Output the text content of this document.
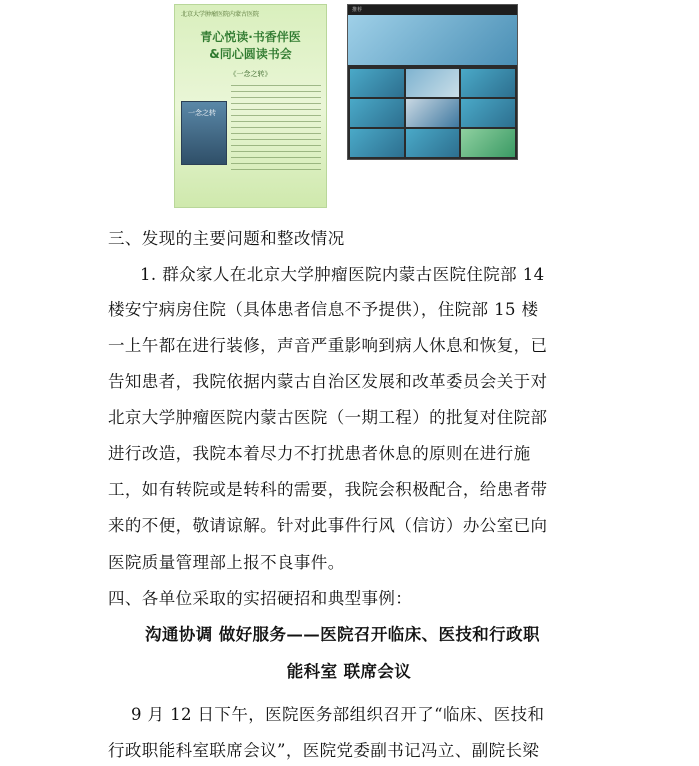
北京大学肿瘤医院内蒙古医院
青心悦读·书香伴医
&同心圆读书会
《一念之转》
一念之转
推荐
三、发现的主要问题和整改情况
1. 群众家人在北京大学肿瘤医院内蒙古医院住院部 14
楼安宁病房住院（具体患者信息不予提供），住院部 15 楼
一上午都在进行装修，声音严重影响到病人休息和恢复，已
告知患者，我院依据内蒙古自治区发展和改革委员会关于对
北京大学肿瘤医院内蒙古医院（一期工程）的批复对住院部
进行改造，我院本着尽力不打扰患者休息的原则在进行施
工，如有转院或是转科的需要，我院会积极配合，给患者带
来的不便，敬请谅解。针对此事件行风（信访）办公室已向
医院质量管理部上报不良事件。
四、各单位采取的实招硬招和典型事例：
沟通协调 做好服务——医院召开临床、医技和行政职
能科室 联席会议
9 月 12 日下午，医院医务部组织召开了“临床、医技和
行政职能科室联席会议”，医院党委副书记冯立、副院长梁
